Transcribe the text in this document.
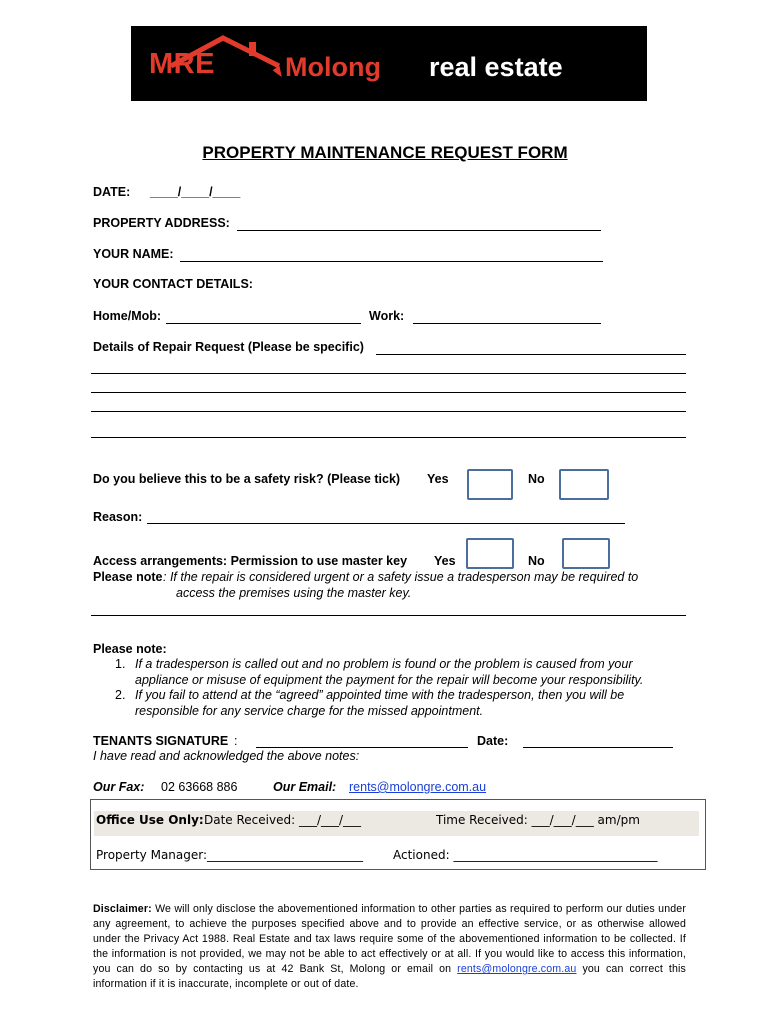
MRE	Molong real estate
PROPERTY MAINTENANCE REQUEST FORM
DATE: ____/____/____
PROPERTY ADDRESS:
YOUR NAME:
YOUR CONTACT DETAILS:
Home/Mob:	Work:
Details of Repair Request (Please be specific)
Do you believe this to be a safety risk? (Please tick) Yes	No
Reason:
Access arrangements: Permission to use master key Yes	No
Please note : If the repair is considered urgent or a safety issue a tradesperson may be required to
access the premises using the master key.
Please note:
1. If a tradesperson is called out and no problem is found or the problem is caused from your
appliance or misuse of equipment the payment for the repair will become your responsibility.
2. If you fail to attend at the “agreed” appointed time with the tradesperson, then you will be
responsible for any service charge for the missed appointment.
TENANTS SIGNATURE :	Date:
I have read and acknowledged the above notes:
Our Fax: 02 63668 886	Our Email: rents@molongre.com.au
Office Use Only: Date Received: ___/___/___	Time Received: ___/___/___ am/pm
Property Manager:__________________________ Actioned: __________________________________
Disclaimer: We will only disclose the abovementioned information to other parties as required to perform our duties under any agreement, to achieve the purposes specified above and to provide an effective service, or as otherwise allowed under the Privacy Act 1988. Real Estate and tax laws require some of the abovementioned information to be collected. If the information is not provided, we may not be able to act effectively or at all. If you would like to access this information, you can do so by contacting us at 42 Bank St, Molong or email on rents@molongre.com.au you can correct this information if it is inaccurate, incomplete or out of date.
